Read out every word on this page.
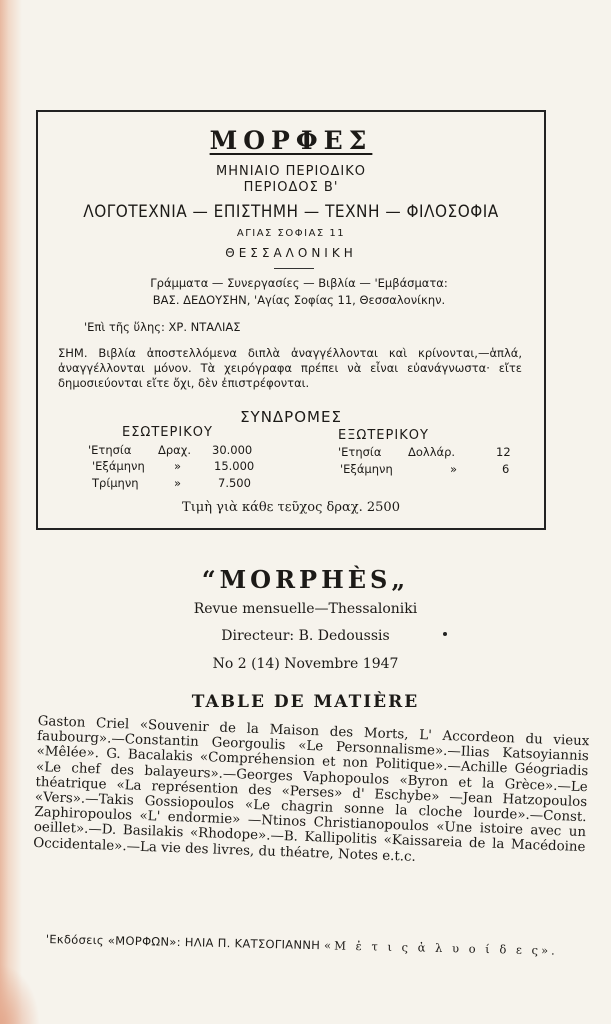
ΜΟΡΦΕΣ
ΜΗΝΙΑΙΟ ΠΕΡΙΟΔΙΚΟ
ΠΕΡΙΟΔΟΣ Β'
ΛΟΓΟΤΕΧΝΙΑ — ΕΠΙΣΤΗΜΗ — ΤΕΧΝΗ — ΦΙΛΟΣΟΦΙΑ
ΑΓΙΑΣ ΣΟΦΙΑΣ 11
ΘΕΣΣΑΛΟΝΙΚΗ
Γράμματα — Συνεργασίες — Βιβλία — 'Εμβάσματα:
ΒΑΣ. ΔΕΔΟΥΣΗΝ, 'Αγίας Σοφίας 11, Θεσσαλονίκην.
'Επὶ τῆς ὕλης: ΧΡ. ΝΤΑΛΙΑΣ
ΣΗΜ. Βιβλία ἀποστελλόμενα διπλὰ ἀναγγέλλονται καὶ κρίνονται,—ἁπλά, ἀναγγέλλονται μόνον. Τὰ χειρόγραφα πρέπει νὰ εἶναι εὐανάγνωστα· εἴτε δημοσιεύονται εἴτε ὄχι, δὲν ἐπιστρέφονται.
ΣΥΝΔΡΟΜΕΣ
ΕΣΩΤΕΡΙΚΟΥ	ΕΞΩΤΕΡΙΚΟΥ
'Ετησία Δραχ. 30.000
'Εξάμηνη	»	15.000
Τρίμηνη	»	7.500
'Ετησία Δολλάρ.	12
'Εξάμηνη	»	6
Τιμὴ γιὰ κάθε τεῦχος δραχ. 2500
“MORPHÈS„
Revue mensuelle—Thessaloniki
Directeur: B. Dedoussis
No 2 (14) Novembre 1947
TABLE DE MATIÈRE
Gaston Criel «Souvenir de la Maison des Morts, L' Accordeon du vieux faubourg».—Constantin Georgoulis «Le Personnalisme».—Ilias Katsoyiannis «Mêlée». G. Bacalakis «Compréhension et non Politique».—Achille Géogriadis «Le chef des balayeurs».—Georges Vaphopoulos «Byron et la Grèce».—Le théatrique «La représention des «Perses» d' Eschybe» —Jean Hatzopoulos «Vers».—Takis Gossiopoulos «Le chagrin sonne la cloche lourde».—Const. Zaphiropoulos «L' endormie» —Ntinos Christianopoulos «Une istoire avec un oeillet».—D. Basilakis «Rhodope».—B. Kallipolitis «Kaissareia de la Macédoine Occidentale».—La vie des livres, du théatre, Notes e.t.c.
'Εκδόσεις «ΜΟΡΦΩΝ»: ΗΛΙΑ Π. ΚΑΤΣΟΓΙΑΝΝΗ «Μ ἐ τ ι ς ἀ λ υ ο ί δ ε ς».
